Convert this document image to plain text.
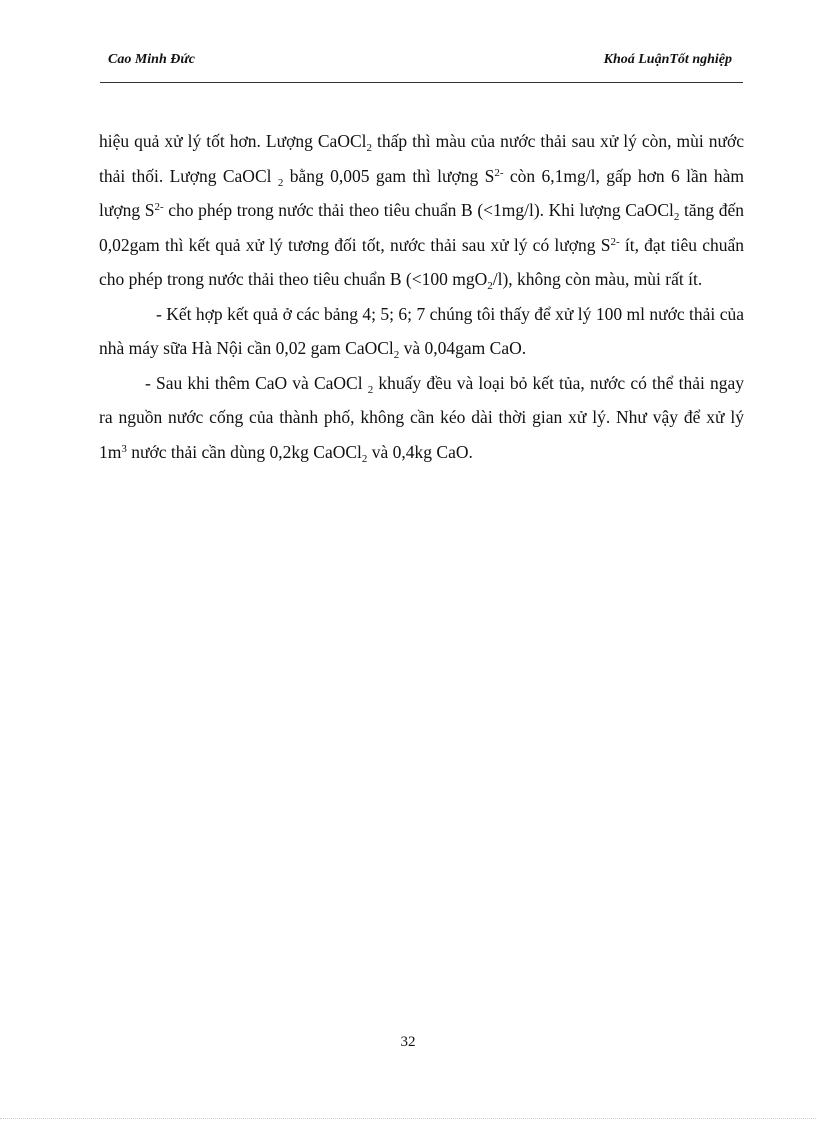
Cao Minh Đức	Khoá LuậnTốt nghiệp

hiệu quả xử lý tốt hơn. Lượng CaOCl$_2$ thấp thì màu của nước thải sau xử lý còn, mùi nước thải thối. Lượng CaOCl $_2$ bằng 0,005 gam thì lượng $S^{2-}$ còn 6,1mg/l, gấp hơn 6 lần hàm lượng $S^{2-}$ cho phép trong nước thải theo tiêu chuẩn B (<1mg/l). Khi lượng CaOCl$_2$ tăng đến 0,02gam thì kết quả xử lý tương đối tốt, nước thải sau xử lý có lượng $S^{2-}$ ít, đạt tiêu chuẩn cho phép trong nước thải theo tiêu chuẩn B (<100 mgO$_2$/l), không còn màu, mùi rất ít.

- Kết hợp kết quả ở các bảng 4; 5; 6; 7 chúng tôi thấy để xử lý 100 ml nước thải của nhà máy sữa Hà Nội cần 0,02 gam CaOCl$_2$ và 0,04gam CaO.

- Sau khi thêm CaO và CaOCl $_2$ khuấy đều và loại bỏ kết tủa, nước có thể thải ngay ra nguồn nước cống của thành phố, không cần kéo dài thời gian xử lý. Như vậy để xử lý $1m^3$ nước thải cần dùng 0,2kg CaOCl$_2$ và 0,4kg CaO.

32
